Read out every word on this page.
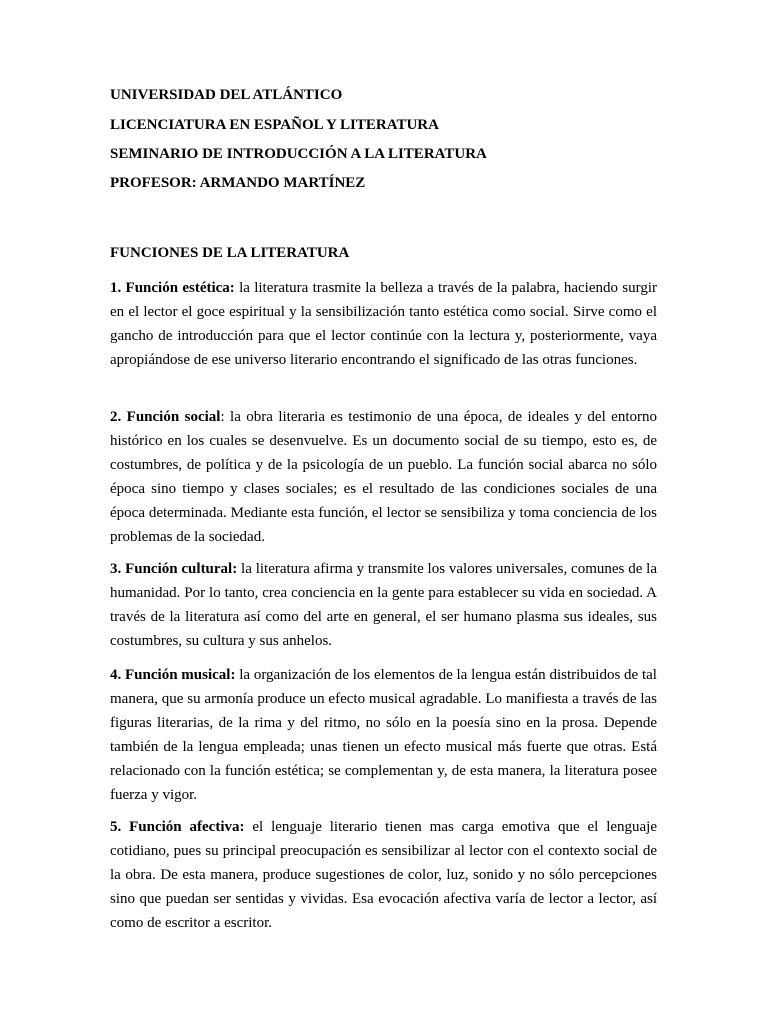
UNIVERSIDAD DEL ATLÁNTICO
LICENCIATURA EN ESPAÑOL Y LITERATURA
SEMINARIO DE INTRODUCCIÓN A LA LITERATURA
PROFESOR: ARMANDO MARTÍNEZ
FUNCIONES DE LA LITERATURA
1. Función estética: la literatura trasmite la belleza a través de la palabra, haciendo surgir en el lector el goce espiritual y la sensibilización tanto estética como social. Sirve como el gancho de introducción para que el lector continúe con la lectura y, posteriormente, vaya apropiándose de ese universo literario encontrando el significado de las otras funciones.
2. Función social: la obra literaria es testimonio de una época, de ideales y del entorno histórico en los cuales se desenvuelve. Es un documento social de su tiempo, esto es, de costumbres, de política y de la psicología de un pueblo. La función social abarca no sólo época sino tiempo y clases sociales; es el resultado de las condiciones sociales de una época determinada. Mediante esta función, el lector se sensibiliza y toma conciencia de los problemas de la sociedad.
3. Función cultural: la literatura afirma y transmite los valores universales, comunes de la humanidad. Por lo tanto, crea conciencia en la gente para establecer su vida en sociedad. A través de la literatura así como del arte en general, el ser humano plasma sus ideales, sus costumbres, su cultura y sus anhelos.
4. Función musical: la organización de los elementos de la lengua están distribuidos de tal manera, que su armonía produce un efecto musical agradable. Lo manifiesta a través de las figuras literarias, de la rima y del ritmo, no sólo en la poesía sino en la prosa. Depende también de la lengua empleada; unas tienen un efecto musical más fuerte que otras. Está relacionado con la función estética; se complementan y, de esta manera, la literatura posee fuerza y vigor.
5. Función afectiva: el lenguaje literario tienen mas carga emotiva que el lenguaje cotidiano, pues su principal preocupación es sensibilizar al lector con el contexto social de la obra. De esta manera, produce sugestiones de color, luz, sonido y no sólo percepciones sino que puedan ser sentidas y vividas. Esa evocación afectiva varía de lector a lector, así como de escritor a escritor.
